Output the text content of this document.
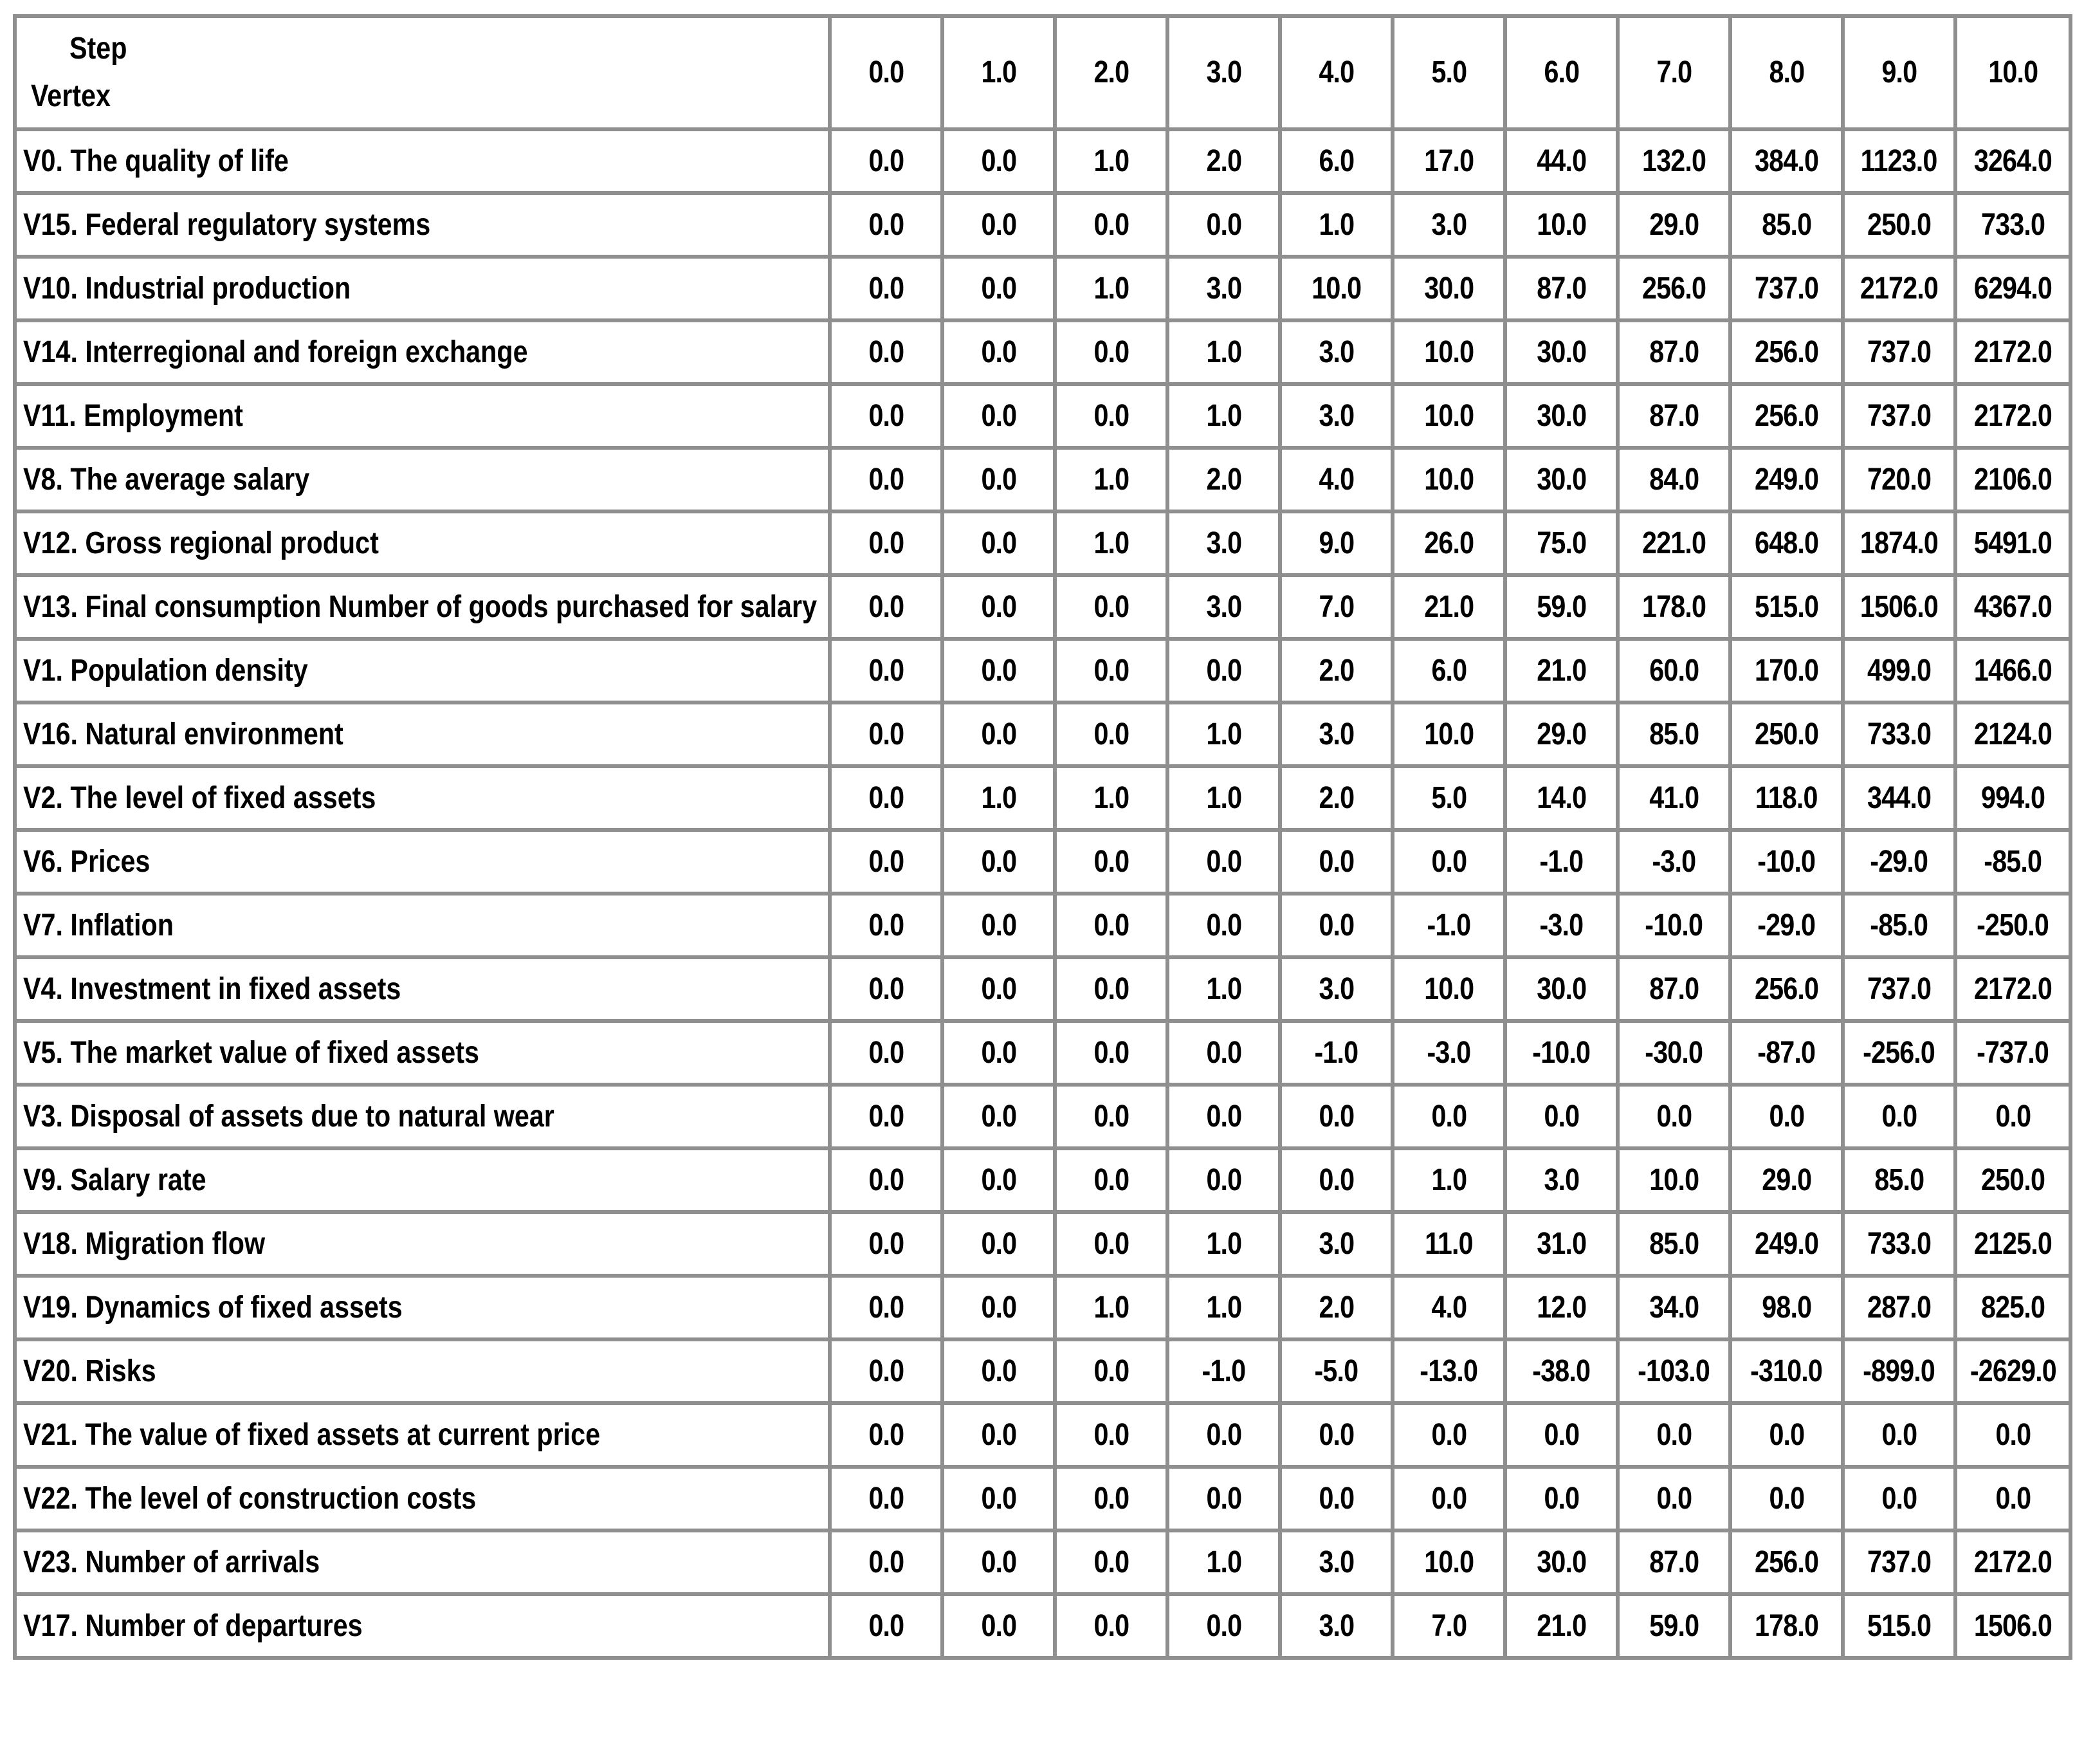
Step
Vertex	0.0	1.0	2.0	3.0	4.0	5.0	6.0	7.0	8.0	9.0	10.0
V0. The quality of life	0.0	0.0	1.0	2.0	6.0	17.0	44.0	132.0	384.0	1123.0	3264.0
V15. Federal regulatory systems	0.0	0.0	0.0	0.0	1.0	3.0	10.0	29.0	85.0	250.0	733.0
V10. Industrial production	0.0	0.0	1.0	3.0	10.0	30.0	87.0	256.0	737.0	2172.0	6294.0
V14. Interregional and foreign exchange	0.0	0.0	0.0	1.0	3.0	10.0	30.0	87.0	256.0	737.0	2172.0
V11. Employment	0.0	0.0	0.0	1.0	3.0	10.0	30.0	87.0	256.0	737.0	2172.0
V8. The average salary	0.0	0.0	1.0	2.0	4.0	10.0	30.0	84.0	249.0	720.0	2106.0
V12. Gross regional product	0.0	0.0	1.0	3.0	9.0	26.0	75.0	221.0	648.0	1874.0	5491.0
V13. Final consumption Number of goods purchased for salary	0.0	0.0	0.0	3.0	7.0	21.0	59.0	178.0	515.0	1506.0	4367.0
V1. Population density	0.0	0.0	0.0	0.0	2.0	6.0	21.0	60.0	170.0	499.0	1466.0
V16. Natural environment	0.0	0.0	0.0	1.0	3.0	10.0	29.0	85.0	250.0	733.0	2124.0
V2. The level of fixed assets	0.0	1.0	1.0	1.0	2.0	5.0	14.0	41.0	118.0	344.0	994.0
V6. Prices	0.0	0.0	0.0	0.0	0.0	0.0	-1.0	-3.0	-10.0	-29.0	-85.0
V7. Inflation	0.0	0.0	0.0	0.0	0.0	-1.0	-3.0	-10.0	-29.0	-85.0	-250.0
V4. Investment in fixed assets	0.0	0.0	0.0	1.0	3.0	10.0	30.0	87.0	256.0	737.0	2172.0
V5. The market value of fixed assets	0.0	0.0	0.0	0.0	-1.0	-3.0	-10.0	-30.0	-87.0	-256.0	-737.0
V3. Disposal of assets due to natural wear	0.0	0.0	0.0	0.0	0.0	0.0	0.0	0.0	0.0	0.0	0.0
V9. Salary rate	0.0	0.0	0.0	0.0	0.0	1.0	3.0	10.0	29.0	85.0	250.0
V18. Migration flow	0.0	0.0	0.0	1.0	3.0	11.0	31.0	85.0	249.0	733.0	2125.0
V19. Dynamics of fixed assets	0.0	0.0	1.0	1.0	2.0	4.0	12.0	34.0	98.0	287.0	825.0
V20. Risks	0.0	0.0	0.0	-1.0	-5.0	-13.0	-38.0	-103.0	-310.0	-899.0	-2629.0
V21. The value of fixed assets at current price	0.0	0.0	0.0	0.0	0.0	0.0	0.0	0.0	0.0	0.0	0.0
V22. The level of construction costs	0.0	0.0	0.0	0.0	0.0	0.0	0.0	0.0	0.0	0.0	0.0
V23. Number of arrivals	0.0	0.0	0.0	1.0	3.0	10.0	30.0	87.0	256.0	737.0	2172.0
V17. Number of departures	0.0	0.0	0.0	0.0	3.0	7.0	21.0	59.0	178.0	515.0	1506.0
